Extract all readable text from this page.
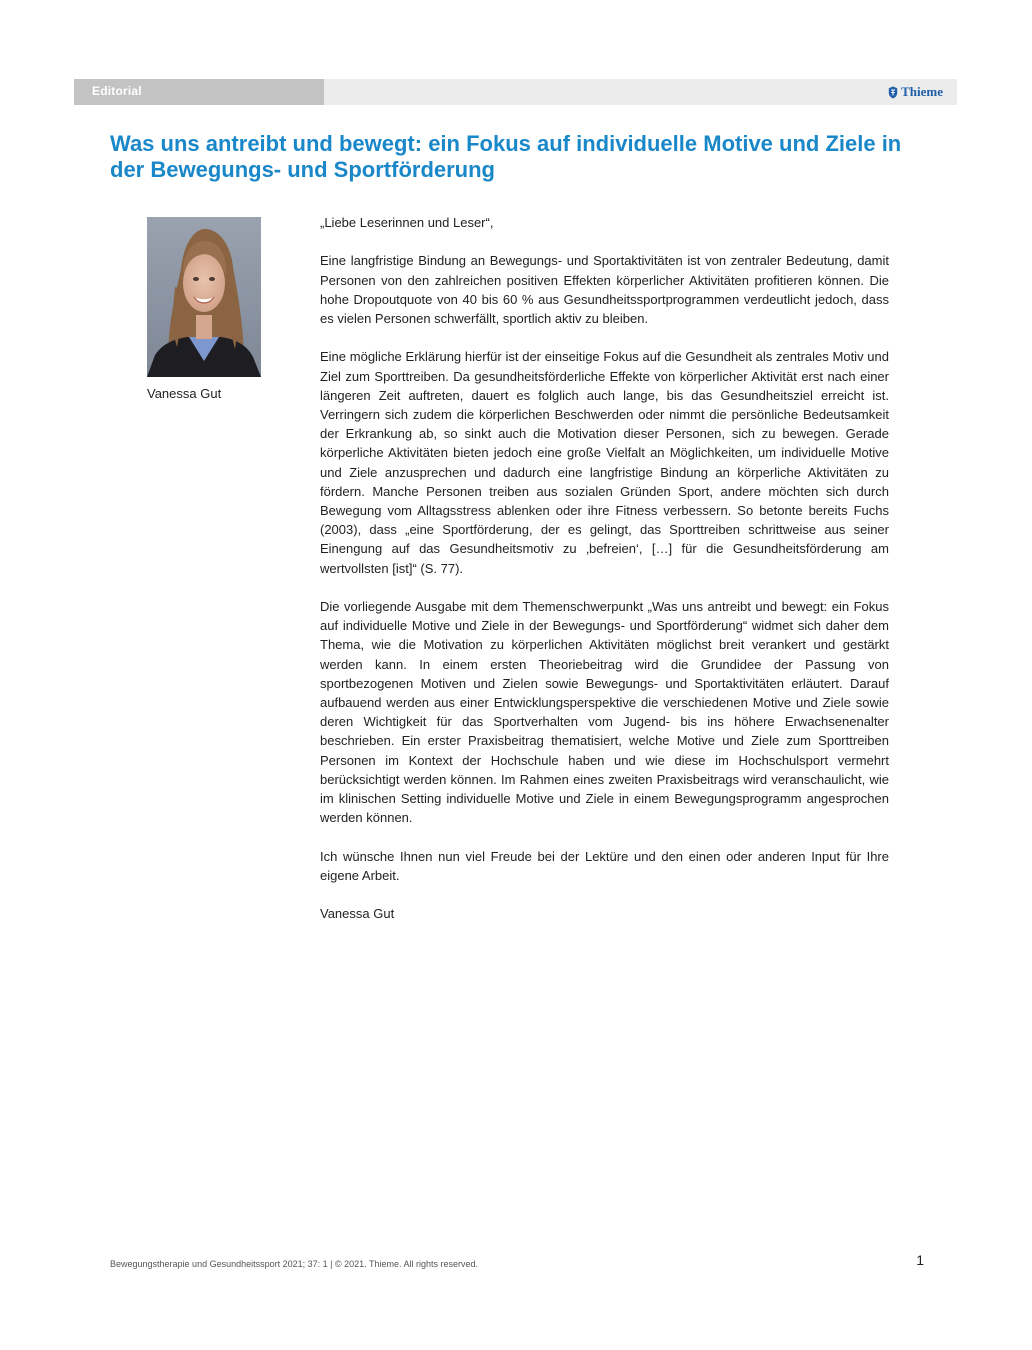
Editorial	Thieme
Was uns antreibt und bewegt: ein Fokus auf individuelle Motive und Ziele in der Bewegungs- und Sportförderung
Vanessa Gut

„Liebe Leserinnen und Leser“,

Eine langfristige Bindung an Bewegungs- und Sportaktivitäten ist von zentraler Bedeutung, damit Personen von den zahlreichen positiven Effekten körperlicher Aktivitäten profitieren können. Die hohe Dropoutquote von 40 bis 60 % aus Gesundheitssportprogrammen verdeutlicht jedoch, dass es vielen Personen schwerfällt, sportlich aktiv zu bleiben.

Eine mögliche Erklärung hierfür ist der einseitige Fokus auf die Gesundheit als zentrales Motiv und Ziel zum Sporttreiben. Da gesundheitsförderliche Effekte von körperlicher Aktivität erst nach einer längeren Zeit auftreten, dauert es folglich auch lange, bis das Gesundheitsziel erreicht ist. Verringern sich zudem die körperlichen Beschwerden oder nimmt die persönliche Bedeutsamkeit der Erkrankung ab, so sinkt auch die Motivation dieser Personen, sich zu bewegen. Gerade körperliche Aktivitäten bieten jedoch eine große Vielfalt an Möglichkeiten, um individuelle Motive und Ziele anzusprechen und dadurch eine langfristige Bindung an körperliche Aktivitäten zu fördern. Manche Personen treiben aus sozialen Gründen Sport, andere möchten sich durch Bewegung vom Alltagsstress ablenken oder ihre Fitness verbessern. So betonte bereits Fuchs (2003), dass „eine Sportförderung, der es gelingt, das Sporttreiben schrittweise aus seiner Einengung auf das Gesundheitsmotiv zu ‚befreien‘, […] für die Gesundheitsförderung am wertvollsten [ist]“ (S. 77).

Die vorliegende Ausgabe mit dem Themenschwerpunkt „Was uns antreibt und bewegt: ein Fokus auf individuelle Motive und Ziele in der Bewegungs- und Sportförderung“ widmet sich daher dem Thema, wie die Motivation zu körperlichen Aktivitäten möglichst breit verankert und gestärkt werden kann. In einem ersten Theoriebeitrag wird die Grundidee der Passung von sportbezogenen Motiven und Zielen sowie Bewegungs- und Sportaktivitäten erläutert. Darauf aufbauend werden aus einer Entwicklungsperspektive die verschiedenen Motive und Ziele sowie deren Wichtigkeit für das Sportverhalten vom Jugend- bis ins höhere Erwachsenenalter beschrieben. Ein erster Praxisbeitrag thematisiert, welche Motive und Ziele zum Sporttreiben Personen im Kontext der Hochschule haben und wie diese im Hochschulsport vermehrt berücksichtigt werden können. Im Rahmen eines zweiten Praxisbeitrags wird veranschaulicht, wie im klinischen Setting individuelle Motive und Ziele in einem Bewegungsprogramm angesprochen werden können.

Ich wünsche Ihnen nun viel Freude bei der Lektüre und den einen oder anderen Input für Ihre eigene Arbeit.

Vanessa Gut

Bewegungstherapie und Gesundheitssport 2021; 37: 1 | © 2021. Thieme. All rights reserved.	1
